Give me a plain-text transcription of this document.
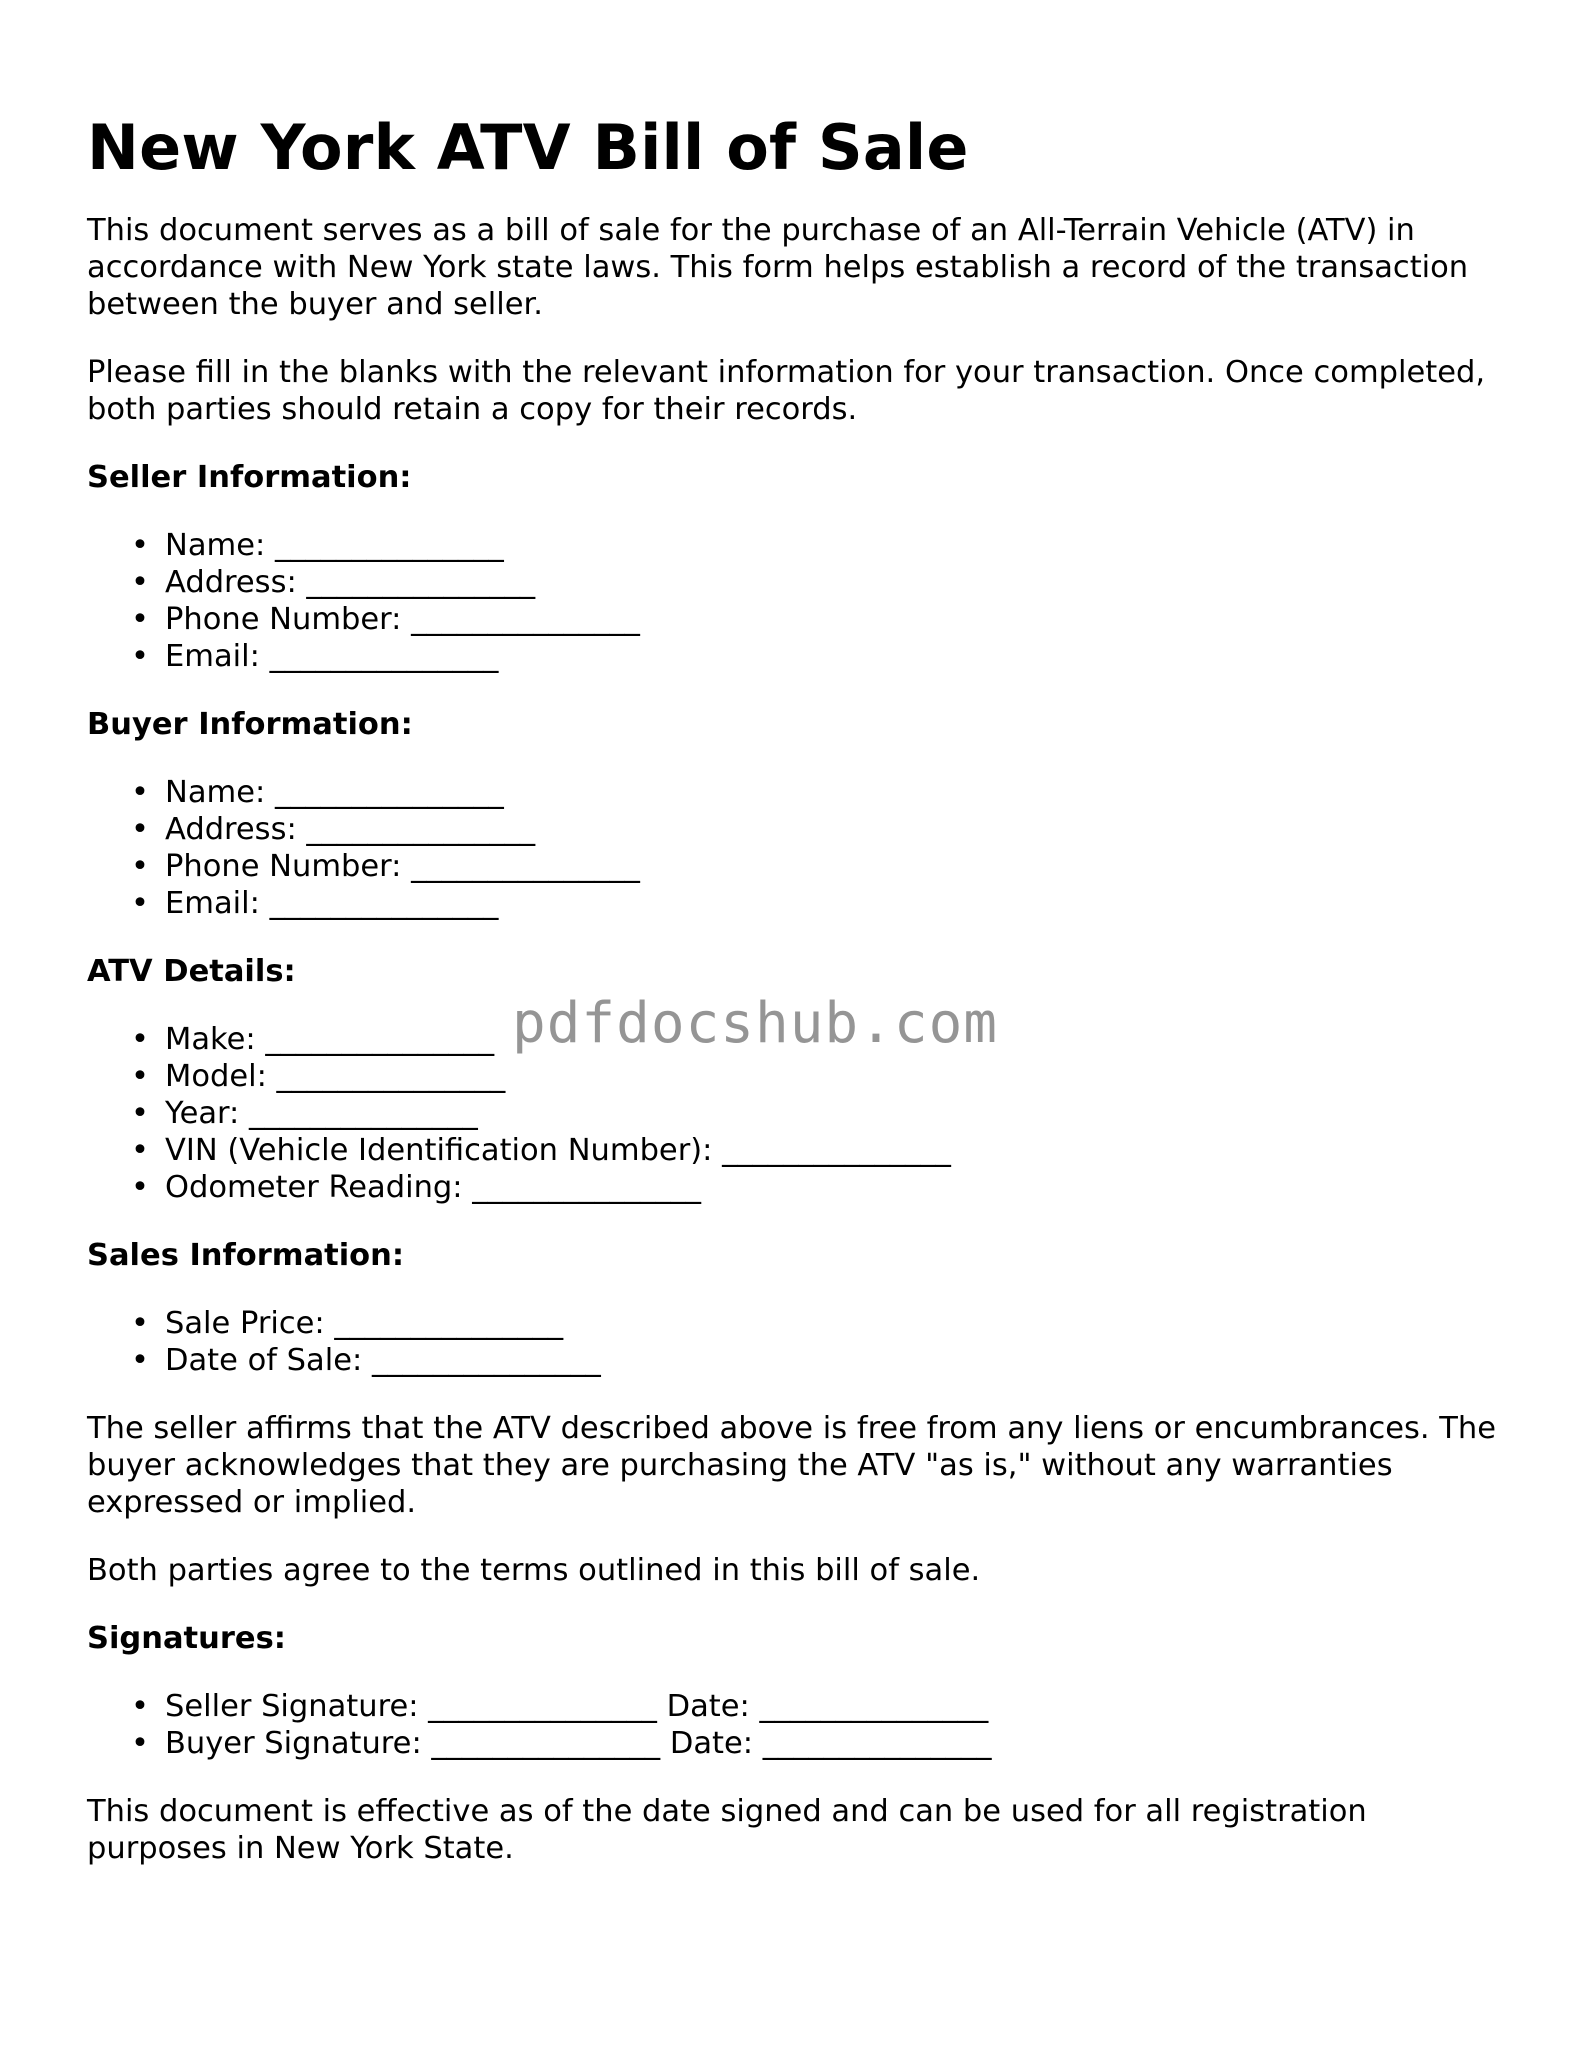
New York ATV Bill of Sale

This document serves as a bill of sale for the purchase of an All-Terrain Vehicle (ATV) in accordance with New York state laws. This form helps establish a record of the transaction between the buyer and seller.

Please fill in the blanks with the relevant information for your transaction. Once completed, both parties should retain a copy for their records.

Seller Information:
• Name: _______________
• Address: _______________
• Phone Number: _______________
• Email: _______________
Buyer Information:
• Name: _______________
• Address: _______________
• Phone Number: _______________
• Email: _______________
ATV Details:
• Make: _______________
• Model: _______________
• Year: _______________
• VIN (Vehicle Identification Number): _______________
• Odometer Reading: _______________
Sales Information:
• Sale Price: _______________
• Date of Sale: _______________

The seller affirms that the ATV described above is free from any liens or encumbrances. The buyer acknowledges that they are purchasing the ATV "as is," without any warranties expressed or implied.

Both parties agree to the terms outlined in this bill of sale.

Signatures:
• Seller Signature: _______________ Date: _______________
• Buyer Signature: _______________ Date: _______________

This document is effective as of the date signed and can be used for all registration purposes in New York State.

pdfdocshub.com
